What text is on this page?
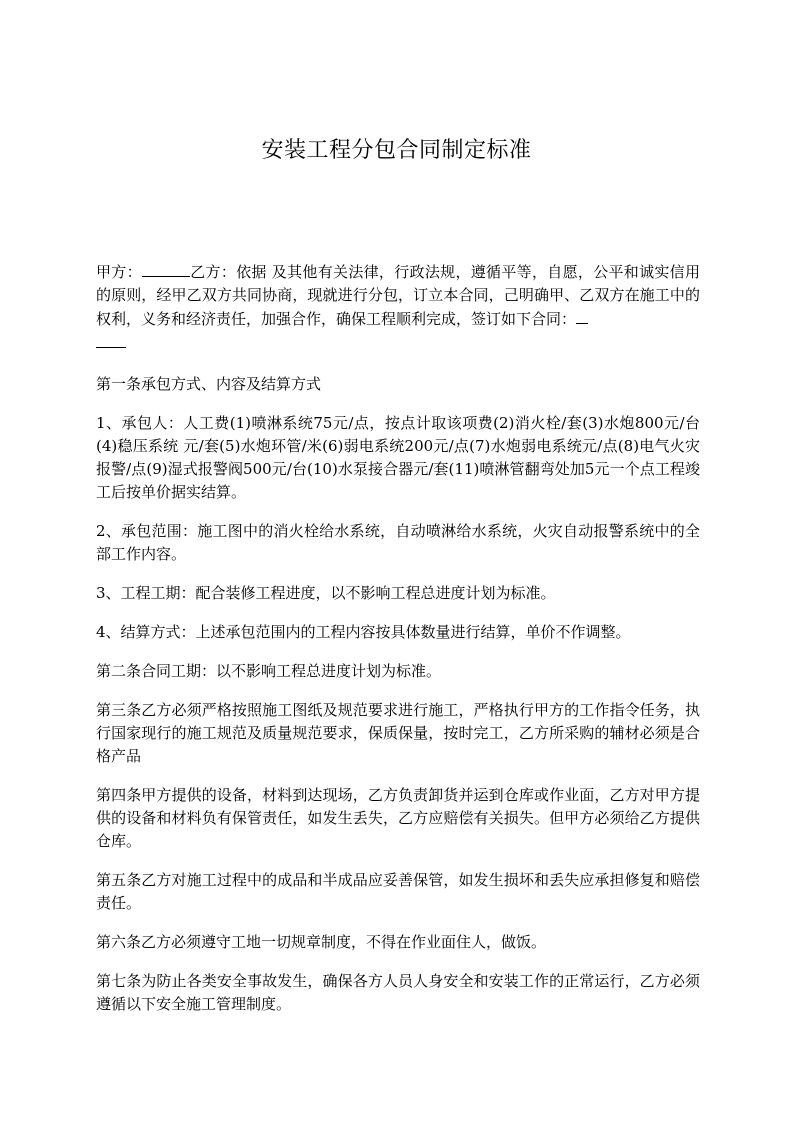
安装工程分包合同制定标准

甲方：	乙方：依据 及其他有关法律，行政法规，遵循平等，自愿，公平和诚实信用的原则，经甲乙双方共同协商，现就进行分包，订立本合同，己明确甲、乙双方在施工中的权利，义务和经济责任，加强合作，确保工程顺利完成，签订如下合同：

第一条承包方式、内容及结算方式

1、承包人：人工费(1)喷淋系统75元/点，按点计取该项费(2)消火栓/套(3)水炮800元/台(4)稳压系统 元/套(5)水炮环管/米(6)弱电系统200元/点(7)水炮弱电系统元/点(8)电气火灾报警/点(9)湿式报警阀500元/台(10)水泵接合器元/套(11)喷淋管翻弯处加5元一个点工程竣工后按单价据实结算。

2、承包范围：施工图中的消火栓给水系统，自动喷淋给水系统，火灾自动报警系统中的全部工作内容。

3、工程工期：配合装修工程进度，以不影响工程总进度计划为标准。

4、结算方式：上述承包范围内的工程内容按具体数量进行结算，单价不作调整。

第二条合同工期：以不影响工程总进度计划为标准。

第三条乙方必须严格按照施工图纸及规范要求进行施工，严格执行甲方的工作指令任务，执行国家现行的施工规范及质量规范要求，保质保量，按时完工，乙方所采购的辅材必须是合格产品

第四条甲方提供的设备，材料到达现场，乙方负责卸货并运到仓库或作业面，乙方对甲方提供的设备和材料负有保管责任，如发生丢失，乙方应赔偿有关损失。但甲方必须给乙方提供仓库。

第五条乙方对施工过程中的成品和半成品应妥善保管，如发生损坏和丢失应承担修复和赔偿责任。

第六条乙方必须遵守工地一切规章制度，不得在作业面住人，做饭。

第七条为防止各类安全事故发生，确保各方人员人身安全和安装工作的正常运行，乙方必须遵循以下安全施工管理制度。
